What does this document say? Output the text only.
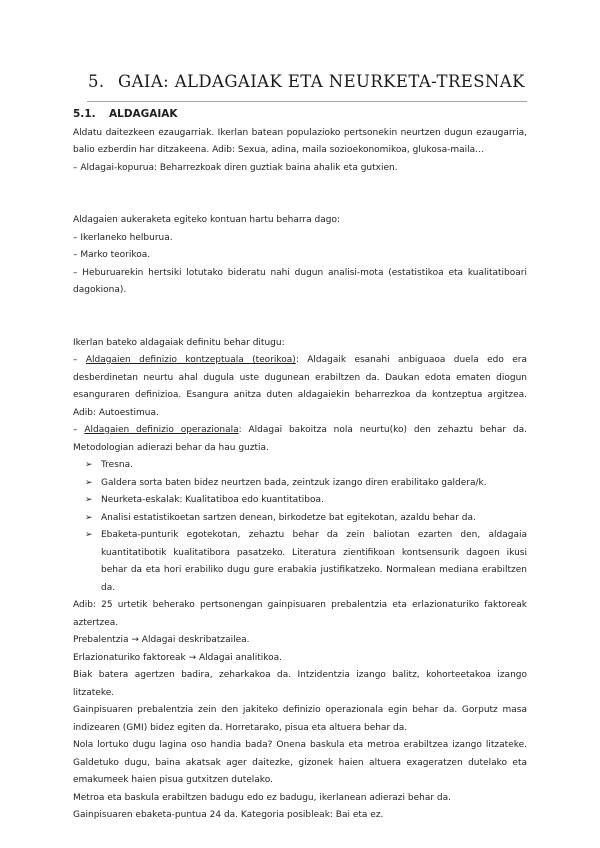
5. GAIA: ALDAGAIAK ETA NEURKETA-TRESNAK
5.1. ALDAGAIAK

Aldatu daitezkeen ezaugarriak. Ikerlan batean populazioko pertsonekin neurtzen dugun ezaugarria, balio ezberdin har ditzakeena. Adib: Sexua, adina, maila sozioekonomikoa, glukosa-maila…

– Aldagai-kopurua: Beharrezkoak diren guztiak baina ahalik eta gutxien.

Aldagaien aukeraketa egiteko kontuan hartu beharra dago:

– Ikerlaneko helburua.

– Marko teorikoa.

– Heburuarekin hertsiki lotutako bideratu nahi dugun analisi-mota (estatistikoa eta kualitatiboari dagokiona).

Ikerlan bateko aldagaiak definitu behar ditugu:

– Aldagaien definizio kontzeptuala (teorikoa): Aldagaik esanahi anbiguaoa duela edo era desberdinetan neurtu ahal dugula uste dugunean erabiltzen da. Daukan edota ematen diogun esanguraren definizioa. Esangura anitza duten aldagaiekin beharrezkoa da kontzeptua argitzea. Adib: Autoestimua.

– Aldagaien definizio operazionala: Aldagai bakoitza nola neurtu(ko) den zehaztu behar da. Metodologian adierazi behar da hau guztia.

➢ Tresna.
➢ Galdera sorta baten bidez neurtzen bada, zeintzuk izango diren erabilitako galdera/k.
➢ Neurketa-eskalak: Kualitatiboa edo kuantitatiboa.
➢ Analisi estatistikoetan sartzen denean, birkodetze bat egitekotan, azaldu behar da.
➢ Ebaketa-punturik egotekotan, zehaztu behar da zein baliotan ezarten den, aldagaia kuantitatibotik kualitatibora pasatzeko. Literatura zientifikoan kontsensurik dagoen ikusi behar da eta hori erabiliko dugu gure erabakia justifikatzeko. Normalean mediana erabiltzen da.

Adib: 25 urtetik beherako pertsonengan gainpisuaren prebalentzia eta erlazionaturiko faktoreak aztertzea.

Prebalentzia → Aldagai deskribatzailea.

Erlazionaturiko faktoreak → Aldagai analitikoa.

Biak batera agertzen badira, zeharkakoa da. Intzidentzia izango balitz, kohorteetakoa izango litzateke.

Gainpisuaren prebalentzia zein den jakiteko definizio operazionala egin behar da. Gorputz masa indizearen (GMI) bidez egiten da. Horretarako, pisua eta altuera behar da.

Nola lortuko dugu lagina oso handia bada? Onena baskula eta metroa erabiltzea izango litzateke. Galdetuko dugu, baina akatsak ager daitezke, gizonek haien altuera exageratzen dutelako eta emakumeek haien pisua gutxitzen dutelako.

Metroa eta baskula erabiltzen badugu edo ez badugu, ikerlanean adierazi behar da.

Gainpisuaren ebaketa-puntua 24 da. Kategoria posibleak: Bai eta ez.
